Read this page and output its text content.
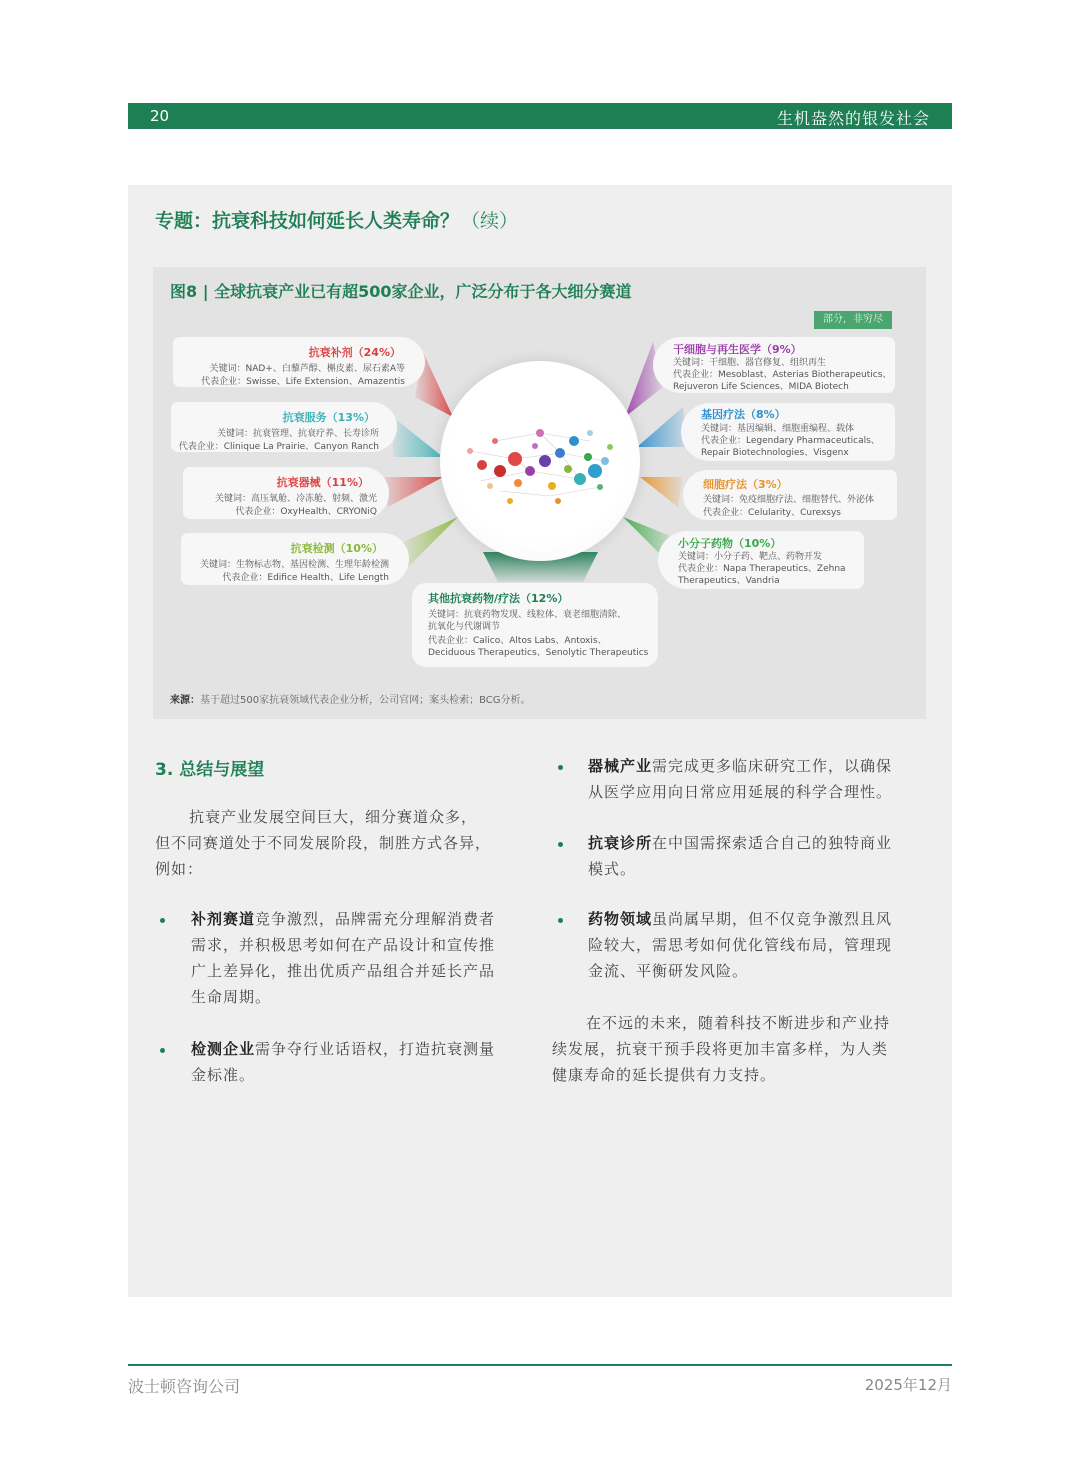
20	生机盎然的银发社会
专题：抗衰科技如何延长人类寿命？ （续）
图8 | 全球抗衰产业已有超500家企业，广泛分布于各大细分赛道
部分，非穷尽
抗衰补剂（24%）
关键词：NAD+、白藜芦醇、槲皮素、尿石素A等
代表企业：Swisse、Life Extension、Amazentis
抗衰服务（13%）
关键词：抗衰管理、抗衰疗养、长寿诊所
代表企业：Clinique La Prairie、Canyon Ranch
抗衰器械（11%）
关键词：高压氧舱、冷冻舱、射频、激光
代表企业：OxyHealth、CRYONiQ
抗衰检测（10%）
关键词：生物标志物、基因检测、生理年龄检测
代表企业：Edifice Health、Life Length
干细胞与再生医学（9%）
关键词：干细胞、器官修复、组织再生
代表企业：Mesoblast、Asterias Biotherapeutics、
Rejuveron Life Sciences、MIDA Biotech
基因疗法（8%）
关键词：基因编辑、细胞重编程、载体
代表企业：Legendary Pharmaceuticals、
Repair Biotechnologies、Visgenx
细胞疗法（3%）
关键词：免疫细胞疗法、细胞替代、外泌体
代表企业：Celularity、Curexsys
小分子药物（10%）
关键词：小分子药、靶点、药物开发
代表企业：Napa Therapeutics、Zehna
Therapeutics、Vandria
其他抗衰药物/疗法（12%）
关键词：抗衰药物发现、线粒体、衰老细胞清除、
抗氧化与代谢调节
代表企业：Calico、Altos Labs、Antoxis、
Deciduous Therapeutics、Senolytic Therapeutics
来源：基于超过500家抗衰领域代表企业分析，公司官网；案头检索；BCG分析。
3. 总结与展望
抗衰产业发展空间巨大，细分赛道众多，
但不同赛道处于不同发展阶段，制胜方式各异，
例如：
补剂赛道竞争激烈，品牌需充分理解消费者
需求，并积极思考如何在产品设计和宣传推
广上差异化，推出优质产品组合并延长产品
生命周期。
检测企业需争夺行业话语权，打造抗衰测量
金标准。
器械产业需完成更多临床研究工作，以确保
从医学应用向日常应用延展的科学合理性。
抗衰诊所在中国需探索适合自己的独特商业
模式。
药物领域虽尚属早期，但不仅竞争激烈且风
险较大，需思考如何优化管线布局，管理现
金流、平衡研发风险。
在不远的未来，随着科技不断进步和产业持
续发展，抗衰干预手段将更加丰富多样，为人类
健康寿命的延长提供有力支持。
波士顿咨询公司	2025年12月
